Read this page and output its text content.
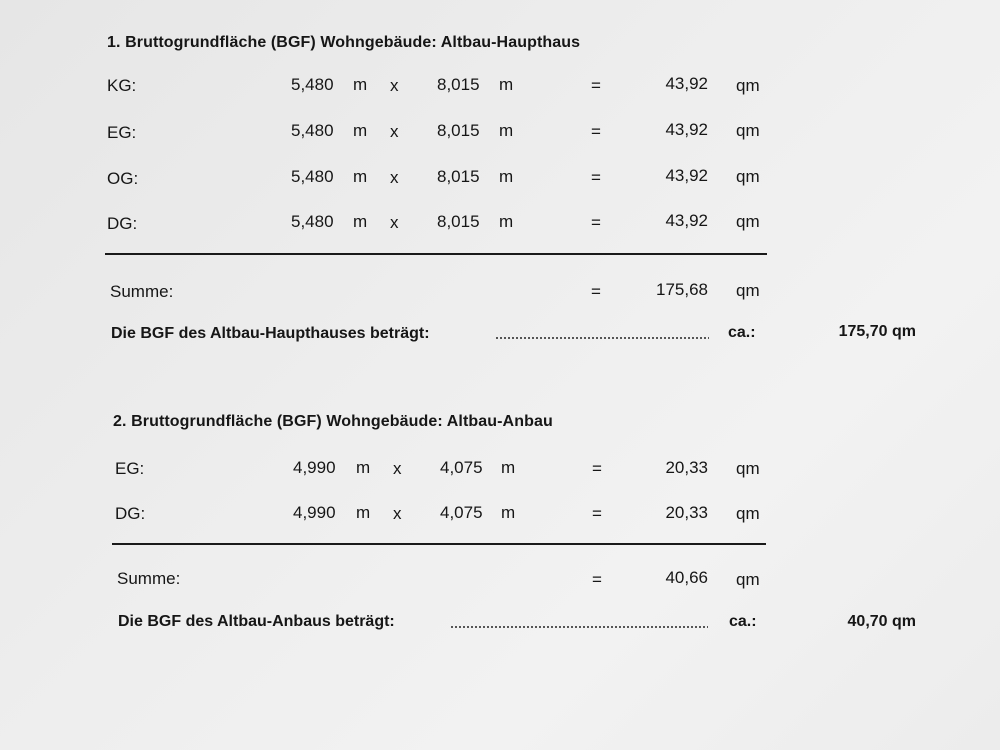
1. Bruttogrundfläche (BGF) Wohngebäude: Altbau-Haupthaus
KG:	5,480 m x 8,015 m	=	43,92 qm
EG:	5,480 m x 8,015 m	=	43,92 qm
OG:	5,480 m x 8,015 m	=	43,92 qm
DG:	5,480 m x 8,015 m	=	43,92 qm
Summe:	=	175,68 qm
Die BGF des Altbau-Haupthauses beträgt:	ca.:	175,70 qm
2. Bruttogrundfläche (BGF) Wohngebäude: Altbau-Anbau
EG:	4,990 m x 4,075 m	=	20,33 qm
DG:	4,990 m x 4,075 m	=	20,33 qm
Summe:	=	40,66 qm
Die BGF des Altbau-Anbaus beträgt:	ca.:	40,70 qm
